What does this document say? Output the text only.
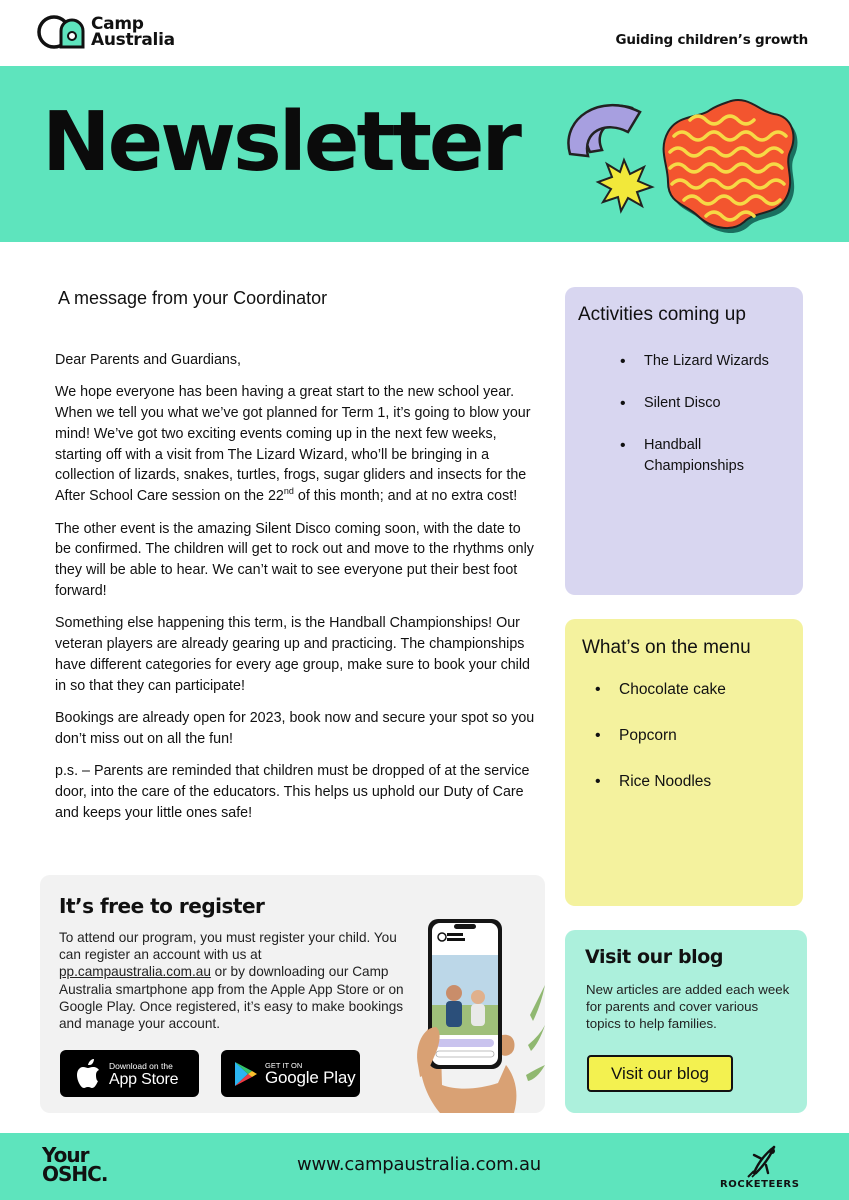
Camp
Australia	Guiding children’s growth
Newsletter
A message from your Coordinator

Dear Parents and Guardians,

We hope everyone has been having a great start to the new school year. When we tell you what we’ve got planned for Term 1, it’s going to blow your mind! We’ve got two exciting events coming up in the next few weeks, starting off with a visit from The Lizard Wizard, who’ll be bringing in a collection of lizards, snakes, turtles, frogs, sugar gliders and insects for the After School Care session on the 22nd of this month; and at no extra cost!

The other event is the amazing Silent Disco coming soon, with the date to be confirmed. The children will get to rock out and move to the rhythms only they will be able to hear. We can’t wait to see everyone put their best foot forward!

Something else happening this term, is the Handball Championships! Our veteran players are already gearing up and practicing. The championships have different categories for every age group, make sure to book your child in so that they can participate!

Bookings are already open for 2023, book now and secure your spot so you don’t miss out on all the fun!

p.s. – Parents are reminded that children must be dropped of at the service door, into the care of the educators. This helps us uphold our Duty of Care and keeps your little ones safe!

Activities coming up
• The Lizard Wizards
• Silent Disco
• Handball Championships
What’s on the menu
• Chocolate cake
• Popcorn
• Rice Noodles
It’s free to register
To attend our program, you must register your child. You can register an account with us at pp.campaustralia.com.au or by downloading our Camp Australia smartphone app from the Apple App Store or on Google Play. Once registered, it’s easy to make bookings and manage your account.
Download on the
App Store
GET IT ON
Google Play
Visit our blog
New articles are added each week for parents and cover various topics to help families.
Visit our blog
Your
OSHC.	www.campaustralia.com.au
ROCKETEERS
